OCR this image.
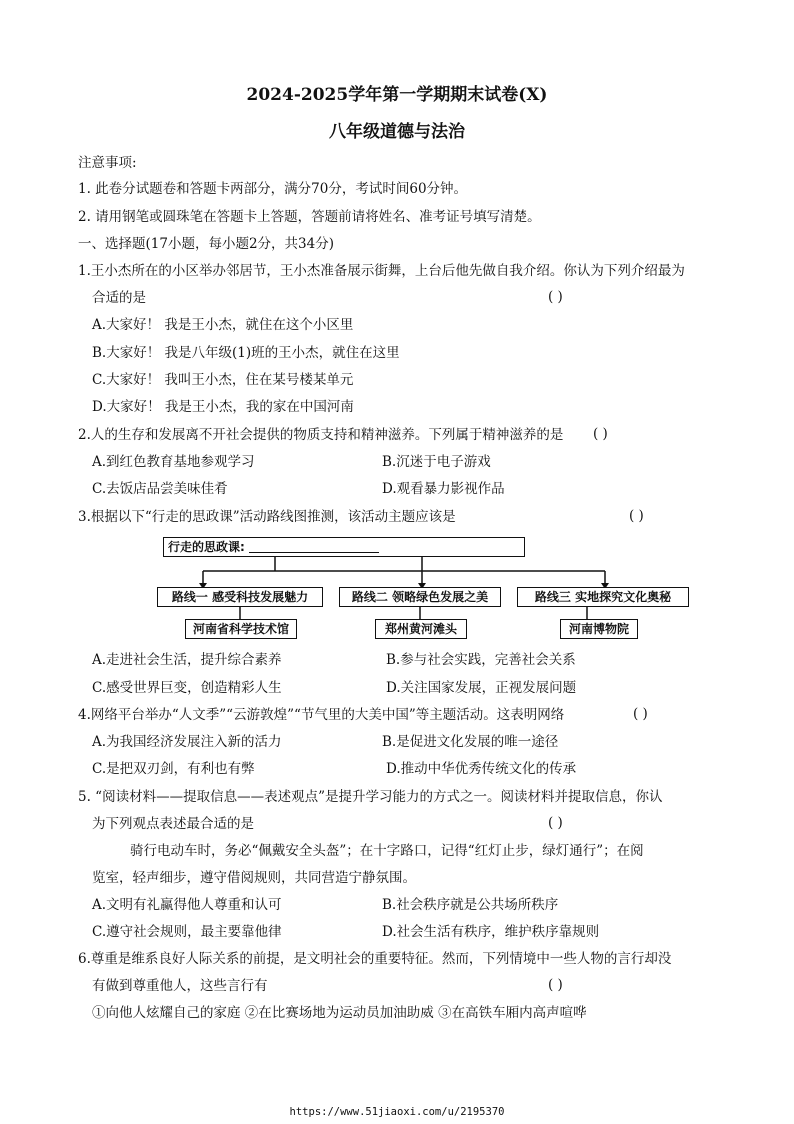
2024-2025学年第一学期期末试卷(X)
八年级道德与法治
注意事项:
1. 此卷分试题卷和答题卡两部分，满分70分，考试时间60分钟。
2. 请用钢笔或圆珠笔在答题卡上答题，答题前请将姓名、准考证号填写清楚。
一、选择题(17小题，每小题2分，共34分)
1.王小杰所在的小区举办邻居节，王小杰准备展示街舞，上台后他先做自我介绍。你认为下列介绍最为
合适的是	( )
A.大家好！ 我是王小杰，就住在这个小区里
B.大家好！ 我是八年级(1)班的王小杰，就住在这里
C.大家好！ 我叫王小杰，住在某号楼某单元
D.大家好！ 我是王小杰，我的家在中国河南
2.人的生存和发展离不开社会提供的物质支持和精神滋养。下列属于精神滋养的是 ( )
A.到红色教育基地参观学习	B.沉迷于电子游戏
C.去饭店品尝美味佳肴	D.观看暴力影视作品
3.根据以下“行走的思政课”活动路线图推测，该活动主题应该是	( )
行走的思政课:
路线一 感受科技发展魅力	路线二 领略绿色发展之美	路线三 实地探究文化奥秘
河南省科学技术馆	郑州黄河滩头	河南博物院
A.走进社会生活，提升综合素养	B.参与社会实践，完善社会关系
C.感受世界巨变，创造精彩人生	D.关注国家发展，正视发展问题
4.网络平台举办“人文季”“云游敦煌”“节气里的大美中国”等主题活动。这表明网络	( )
A.为我国经济发展注入新的活力	B.是促进文化发展的唯一途径
C.是把双刃剑，有利也有弊	D.推动中华优秀传统文化的传承
5. “阅读材料——提取信息——表述观点”是提升学习能力的方式之一。阅读材料并提取信息，你认
为下列观点表述最合适的是	( )
骑行电动车时，务必“佩戴安全头盔”；在十字路口，记得“红灯止步，绿灯通行”；在阅
览室，轻声细步，遵守借阅规则，共同营造宁静氛围。
A.文明有礼赢得他人尊重和认可	B.社会秩序就是公共场所秩序
C.遵守社会规则，最主要靠他律	D.社会生活有秩序，维护秩序靠规则
6.尊重是维系良好人际关系的前提，是文明社会的重要特征。然而，下列情境中一些人物的言行却没
有做到尊重他人，这些言行有	( )
①向他人炫耀自己的家庭 ②在比赛场地为运动员加油助威 ③在高铁车厢内高声喧哗
https://www.51jiaoxi.com/u/2195370
